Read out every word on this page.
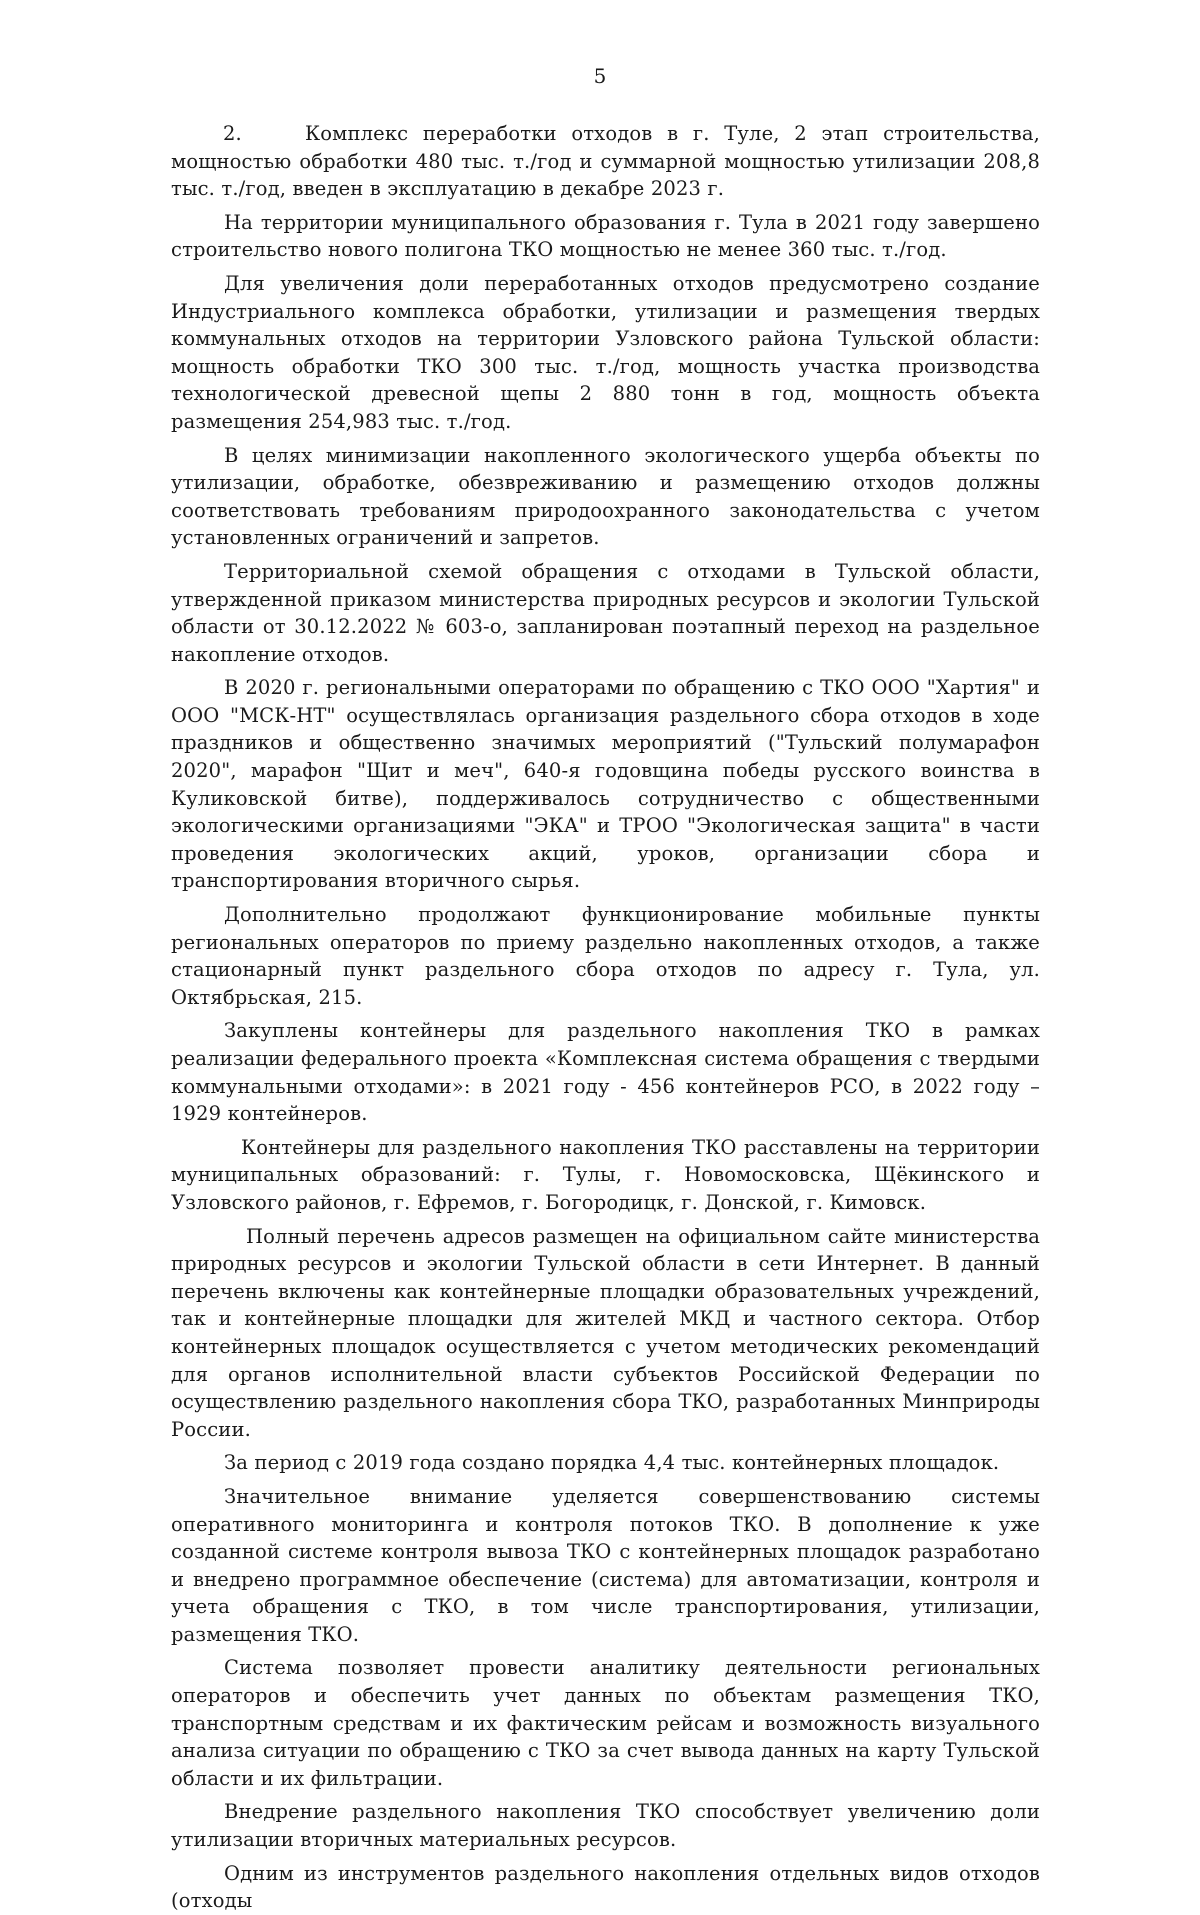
5

2.	Комплекс переработки отходов в г. Туле, 2 этап строительства, мощностью обработки 480 тыс. т./год и суммарной мощностью утилизации 208,8 тыс. т./год, введен в эксплуатацию в декабре 2023 г.

На территории муниципального образования г. Тула в 2021 году завершено строительство нового полигона ТКО мощностью не менее 360 тыс. т./год.

Для увеличения доли переработанных отходов предусмотрено создание Индустриального комплекса обработки, утилизации и размещения твердых коммунальных отходов на территории Узловского района Тульской области: мощность обработки ТКО 300 тыс. т./год, мощность участка производства технологической древесной щепы 2 880 тонн в год, мощность объекта размещения 254,983 тыс. т./год.

В целях минимизации накопленного экологического ущерба объекты по утилизации, обработке, обезвреживанию и размещению отходов должны соответствовать требованиям природоохранного законодательства с учетом установленных ограничений и запретов.

Территориальной схемой обращения с отходами в Тульской области, утвержденной приказом министерства природных ресурсов и экологии Тульской области от 30.12.2022 № 603-о, запланирован поэтапный переход на раздельное накопление отходов.

В 2020 г. региональными операторами по обращению с ТКО ООО "Хартия" и ООО "МСК-НТ" осуществлялась организация раздельного сбора отходов в ходе праздников и общественно значимых мероприятий ("Тульский полумарафон 2020", марафон "Щит и меч", 640-я годовщина победы русского воинства в Куликовской битве), поддерживалось сотрудничество с общественными экологическими организациями "ЭКА" и ТРОО "Экологическая защита" в части проведения экологических акций, уроков, организации сбора и транспортирования вторичного сырья.

Дополнительно продолжают функционирование мобильные пункты региональных операторов по приему раздельно накопленных отходов, а также стационарный пункт раздельного сбора отходов по адресу г. Тула, ул. Октябрьская, 215.

Закуплены контейнеры для раздельного накопления ТКО в рамках реализации федерального проекта «Комплексная система обращения с твердыми коммунальными отходами»: в 2021 году - 456 контейнеров РСО, в 2022 году – 1929 контейнеров.

Контейнеры для раздельного накопления ТКО расставлены на территории муниципальных образований: г. Тулы, г. Новомосковска, Щёкинского и Узловского районов, г. Ефремов, г. Богородицк, г. Донской, г. Кимовск.

Полный перечень адресов размещен на официальном сайте министерства природных ресурсов и экологии Тульской области в сети Интернет. В данный перечень включены как контейнерные площадки образовательных учреждений, так и контейнерные площадки для жителей МКД и частного сектора. Отбор контейнерных площадок осуществляется с учетом методических рекомендаций для органов исполнительной власти субъектов Российской Федерации по осуществлению раздельного накопления сбора ТКО, разработанных Минприроды России.

За период с 2019 года создано порядка 4,4 тыс. контейнерных площадок.

Значительное внимание уделяется совершенствованию системы оперативного мониторинга и контроля потоков ТКО. В дополнение к уже созданной системе контроля вывоза ТКО с контейнерных площадок разработано и внедрено программное обеспечение (система) для автоматизации, контроля и учета обращения с ТКО, в том числе транспортирования, утилизации, размещения ТКО.

Система позволяет провести аналитику деятельности региональных операторов и обеспечить учет данных по объектам размещения ТКО, транспортным средствам и их фактическим рейсам и возможность визуального анализа ситуации по обращению с ТКО за счет вывода данных на карту Тульской области и их фильтрации.

Внедрение раздельного накопления ТКО способствует увеличению доли утилизации вторичных материальных ресурсов.

Одним из инструментов раздельного накопления отдельных видов отходов (отходы
